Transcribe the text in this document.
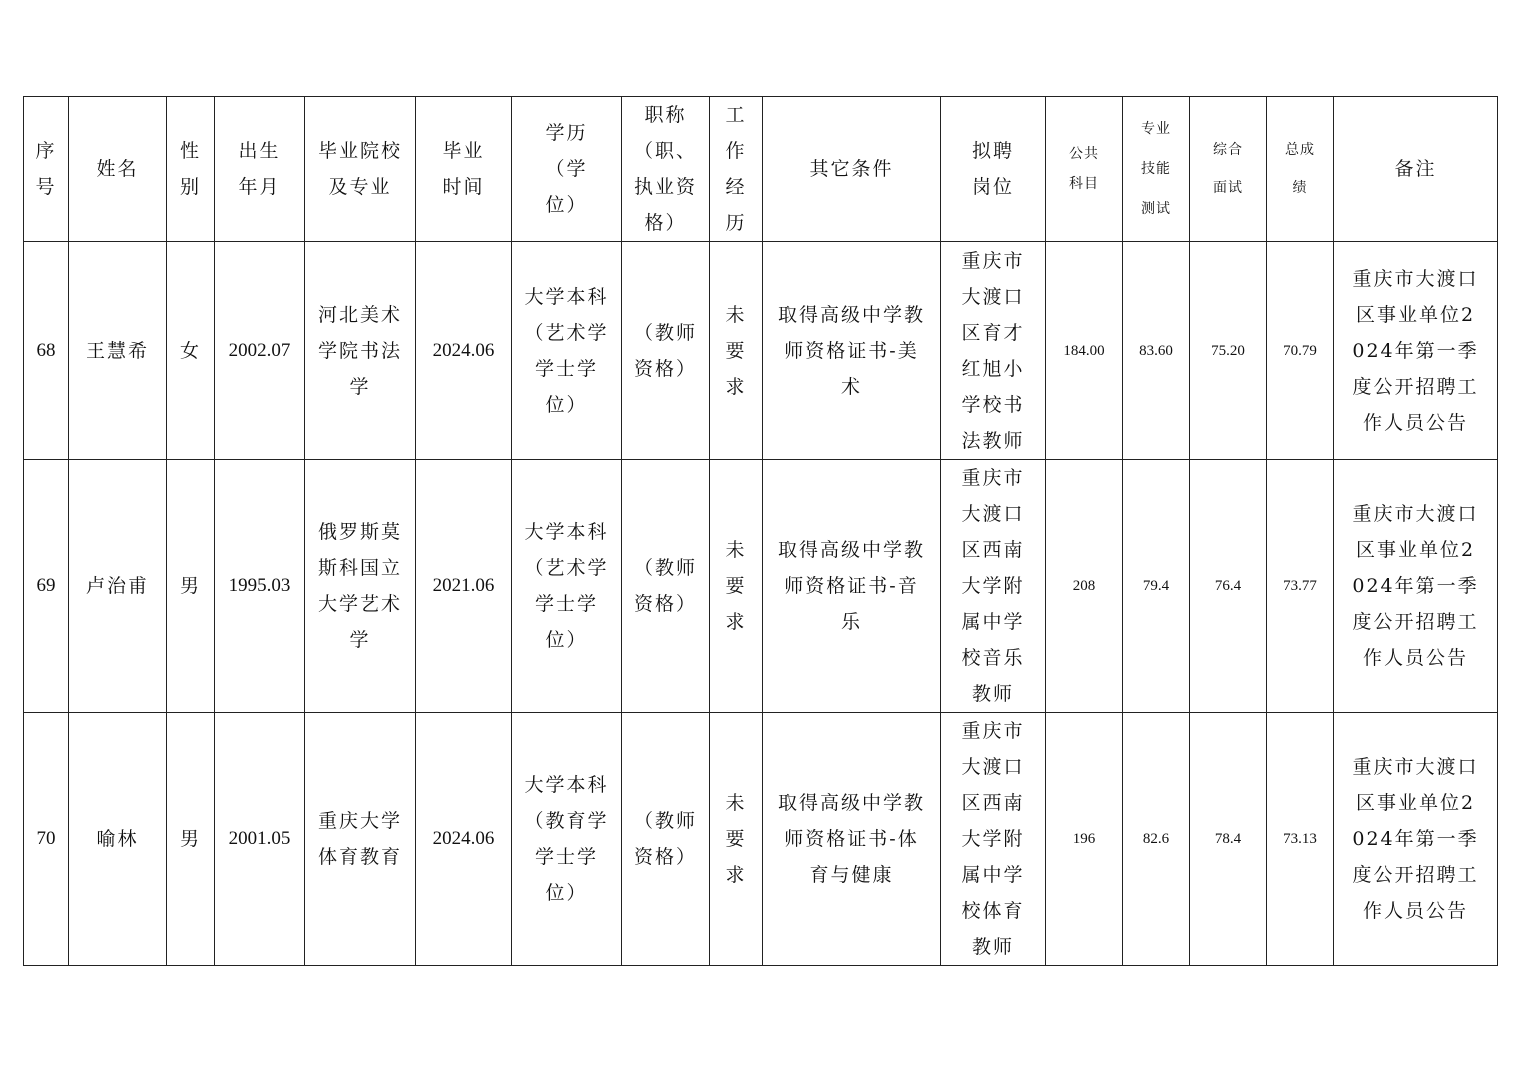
序号	姓名	性别	出生年月	毕业院校及专业	毕业时间	学历（学位）	职称（职、执业资格）	工作经历	其它条件	拟聘岗位	公共科目	专业技能测试	综合面试	总成绩	备注

68	王慧希	女	2002.07	河北美术学院书法学	2024.06	大学本科（艺术学学士学位）	（教师资格）	未要求	取得高级中学教师资格证书-美术	重庆市大渡口区育才红旭小学校书法教师	184.00	83.60	75.20	70.79	重庆市大渡口区事业单位2024年第一季度公开招聘工作人员公告

69	卢治甫	男	1995.03	俄罗斯莫斯科国立大学艺术学	2021.06	大学本科（艺术学学士学位）	（教师资格）	未要求	取得高级中学教师资格证书-音乐	重庆市大渡口区西南大学附属中学校音乐教师	208	79.4	76.4	73.77	重庆市大渡口区事业单位2024年第一季度公开招聘工作人员公告

70	喻林	男	2001.05	重庆大学体育教育	2024.06	大学本科（教育学学士学位）	（教师资格）	未要求	取得高级中学教师资格证书-体育与健康	重庆市大渡口区西南大学附属中学校体育教师	196	82.6	78.4	73.13	重庆市大渡口区事业单位2024年第一季度公开招聘工作人员公告
